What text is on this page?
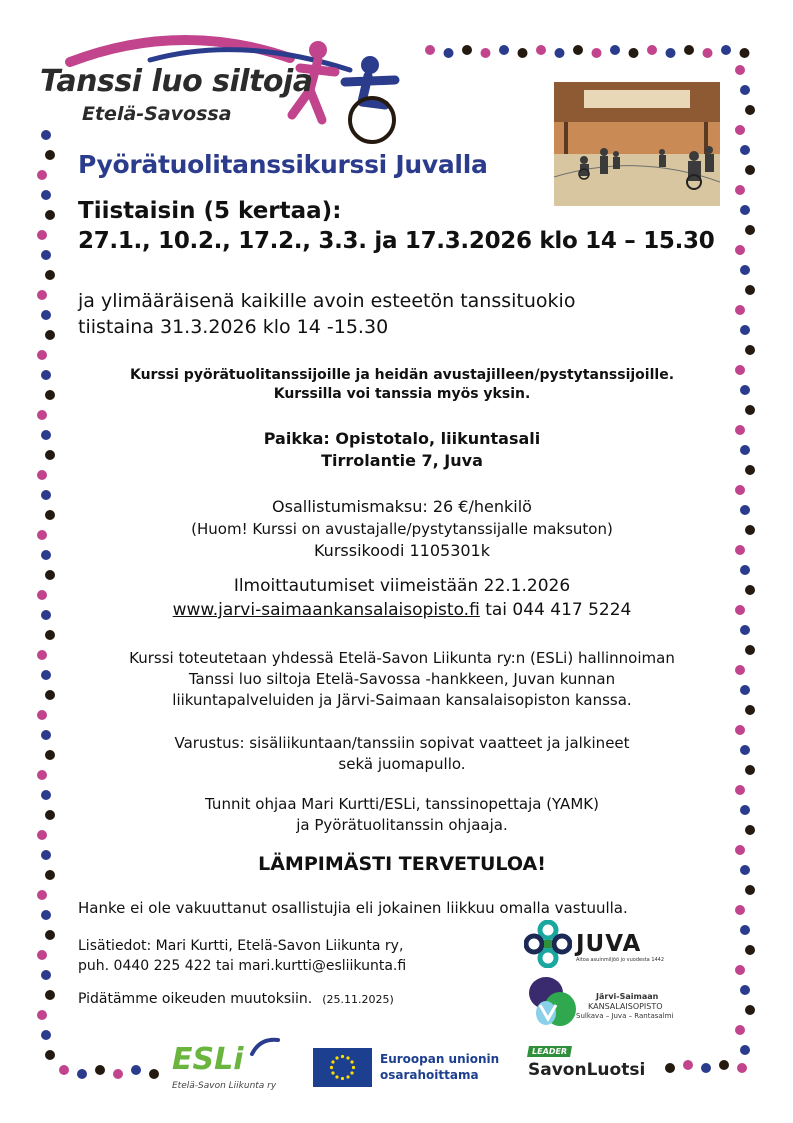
Tanssi luo siltoja
Etelä-Savossa
Pyörätuolitanssikurssi Juvalla
Tiistaisin (5 kertaa):
27.1., 10.2., 17.2., 3.3. ja 17.3.2026 klo 14 – 15.30
ja ylimääräisenä kaikille avoin esteetön tanssituokio
tiistaina 31.3.2026 klo 14 -15.30
Kurssi pyörätuolitanssijoille ja heidän avustajilleen/pystytanssijoille.
Kurssilla voi tanssia myös yksin.
Paikka: Opistotalo, liikuntasali
Tirrolantie 7, Juva
Osallistumismaksu: 26 €/henkilö
(Huom! Kurssi on avustajalle/pystytanssijalle maksuton)
Kurssikoodi 1105301k
Ilmoittautumiset viimeistään 22.1.2026
www.jarvi-saimaankansalaisopisto.fi tai 044 417 5224
Kurssi toteutetaan yhdessä Etelä-Savon Liikunta ry:n (ESLi) hallinnoiman
Tanssi luo siltoja Etelä-Savossa -hankkeen, Juvan kunnan
liikuntapalveluiden ja Järvi-Saimaan kansalaisopiston kanssa.
Varustus: sisäliikuntaan/tanssiin sopivat vaatteet ja jalkineet
sekä juomapullo.
Tunnit ohjaa Mari Kurtti/ESLi, tanssinopettaja (YAMK)
ja Pyörätuolitanssin ohjaaja.
LÄMPIMÄSTI TERVETULOA!
Hanke ei ole vakuuttanut osallistujia eli jokainen liikkuu omalla vastuulla.
Lisätiedot: Mari Kurtti, Etelä-Savon Liikunta ry,
puh. 0440 225 422 tai mari.kurtti@esliikunta.fi
Pidätämme oikeuden muutoksiin. (25.11.2025)
JUVA
Aitoa asuinmiljöö jo vuodesta 1442
Järvi-Saimaan
KANSALAISOPISTO
Sulkava – Juva – Rantasalmi
ESLi
Etelä-Savon Liikunta ry
Euroopan unionin
osarahoittama
LEADER
SavonLuotsi
